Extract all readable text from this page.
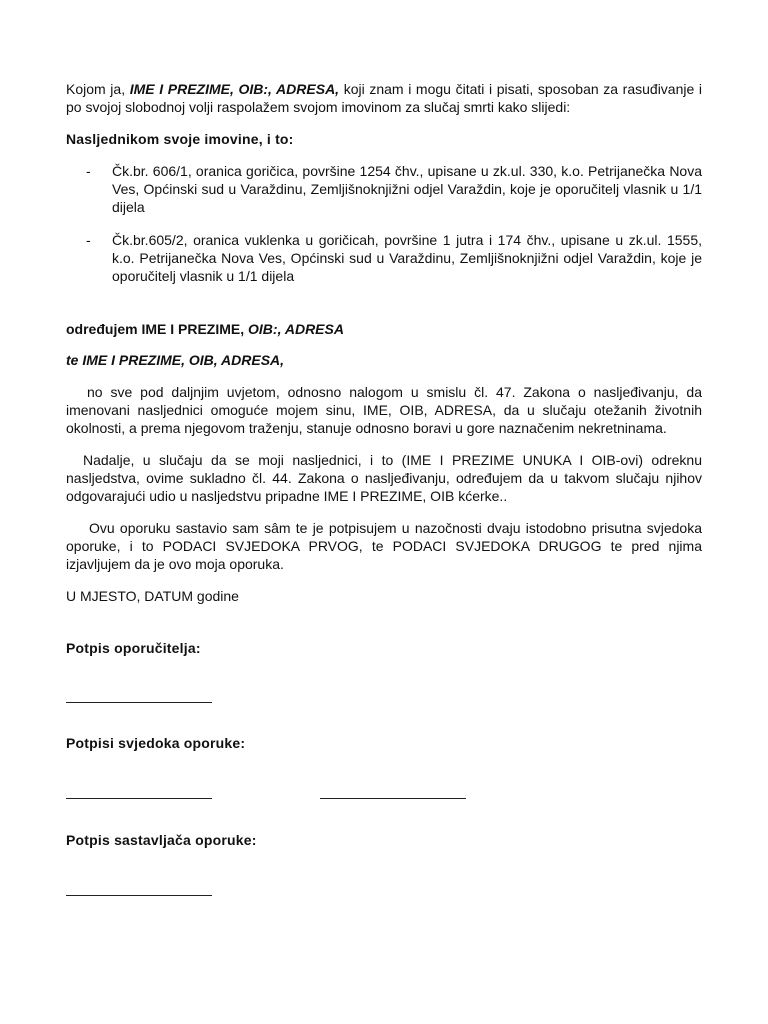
Kojom ja, IME I PREZIME, OIB:, ADRESA, koji znam i mogu čitati i pisati, sposoban za rasuđivanje i po svojoj slobodnoj volji raspolažem svojom imovinom za slučaj smrti kako slijedi:

Nasljednikom svoje imovine, i to:

- Čk.br. 606/1, oranica goričica, površine 1254 čhv., upisane u zk.ul. 330, k.o. Petrijanečka Nova Ves, Općinski sud u Varaždinu, Zemljišnoknjižni odjel Varaždin, koje je oporučitelj vlasnik u 1/1 dijela
- Čk.br.605/2, oranica vuklenka u goričicah, površine 1 jutra i 174 čhv., upisane u zk.ul. 1555, k.o. Petrijanečka Nova Ves, Općinski sud u Varaždinu, Zemljišnoknjižni odjel Varaždin, koje je oporučitelj vlasnik u 1/1 dijela

određujem IME I PREZIME, OIB:, ADRESA

te IME I PREZIME, OIB, ADRESA,

no sve pod daljnjim uvjetom, odnosno nalogom u smislu čl. 47. Zakona o nasljeđivanju, da imenovani nasljednici omoguće mojem sinu, IME, OIB, ADRESA, da u slučaju otežanih životnih okolnosti, a prema njegovom traženju, stanuje odnosno boravi u gore naznačenim nekretninama.

Nadalje, u slučaju da se moji nasljednici, i to (IME I PREZIME UNUKA I OIB-ovi) odreknu nasljedstva, ovime sukladno čl. 44. Zakona o nasljeđivanju, određujem da u takvom slučaju njihov odgovarajući udio u nasljedstvu pripadne IME I PREZIME, OIB kćerke..

Ovu oporuku sastavio sam sâm te je potpisujem u nazočnosti dvaju istodobno prisutna svjedoka oporuke, i to PODACI SVJEDOKA PRVOG, te PODACI SVJEDOKA DRUGOG te pred njima izjavljujem da je ovo moja oporuka.

U MJESTO, DATUM godine

Potpis oporučitelja:

Potpisi svjedoka oporuke:

Potpis sastavljača oporuke:
